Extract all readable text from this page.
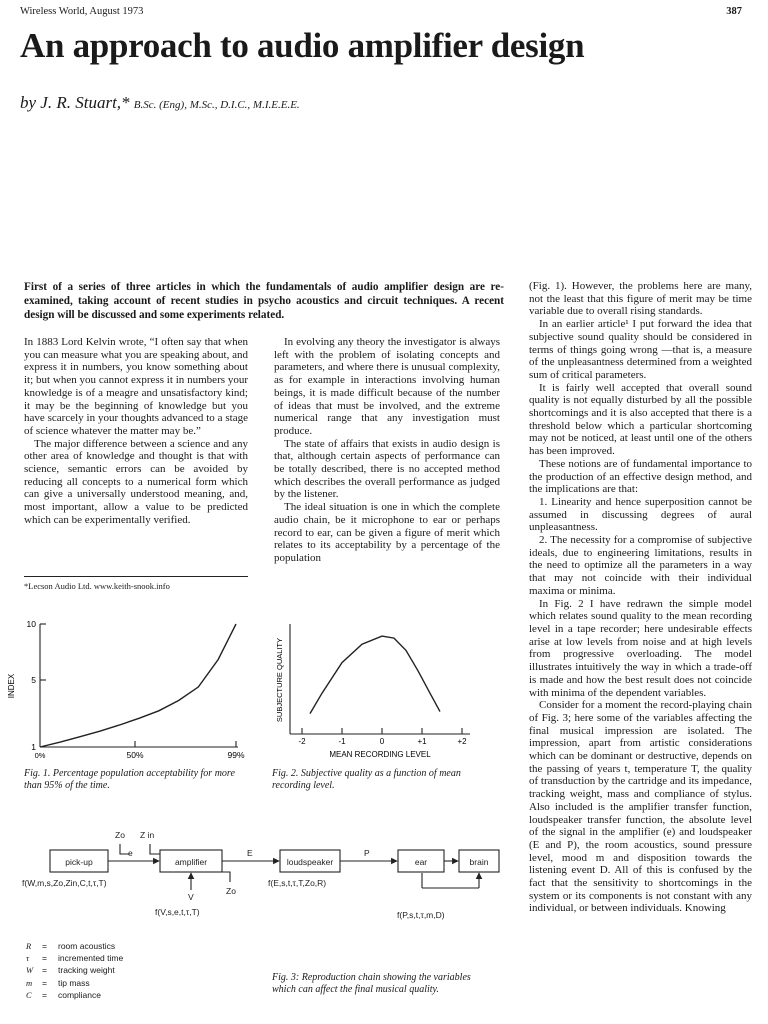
Wireless World, August 1973	387
An approach to audio amplifier design
by J. R. Stuart,* B.Sc. (Eng), M.Sc., D.I.C., M.I.E.E.E.
First of a series of three articles in which the fundamentals of audio amplifier design are re-examined, taking account of recent studies in psycho acoustics and circuit techniques. A recent design will be discussed and some experiments related.

In 1883 Lord Kelvin wrote, “I often say that when you can measure what you are speaking about, and express it in numbers, you know something about it; but when you cannot express it in numbers your knowledge is of a meagre and unsatisfactory kind; it may be the beginning of knowledge but you have scarcely in your thoughts advanced to a stage of science whatever the matter may be.”

The major difference between a science and any other area of knowledge and thought is that with science, semantic errors can be avoided by reducing all concepts to a numerical form which can give a universally understood meaning, and, most important, allow a value to be predicted which can be experimentally verified.

*Lecson Audio Ltd. www.keith-snook.info

In evolving any theory the investigator is always left with the problem of isolating concepts and parameters, and where there is unusual complexity, as for example in interactions involving human beings, it is made difficult because of the number of ideas that must be involved, and the extreme numerical range that any investigation must produce.

The state of affairs that exists in audio design is that, although certain aspects of performance can be totally described, there is no accepted method which describes the overall performance as judged by the listener.

The ideal situation is one in which the complete audio chain, be it microphone to ear or perhaps record to ear, can be given a figure of merit which relates to its acceptability by a percentage of the population

(Fig. 1). However, the problems here are many, not the least that this figure of merit may be time variable due to overall rising standards.

In an earlier article¹ I put forward the idea that subjective sound quality should be considered in terms of things going wrong —that is, a measure of the unpleasantness determined from a weighted sum of critical parameters.

It is fairly well accepted that overall sound quality is not equally disturbed by all the possible shortcomings and it is also accepted that there is a threshold below which a particular shortcoming may not be noticed, at least until one of the others has been improved.

These notions are of fundamental importance to the production of an effective design method, and the implications are that:

1. Linearity and hence superposition cannot be assumed in discussing degrees of aural unpleasantness.

2. The necessity for a compromise of subjective ideals, due to engineering limitations, results in the need to optimize all the parameters in a way that may not coincide with their individual maxima or minima.

In Fig. 2 I have redrawn the simple model which relates sound quality to the mean recording level in a tape recorder; here undesirable effects arise at low levels from noise and at high levels from progressive overloading. The model illustrates intuitively the way in which a trade-off is made and how the best result does not coincide with minima of the dependent variables.

Consider for a moment the record-playing chain of Fig. 3; here some of the variables affecting the final musical impression are isolated. The impression, apart from artistic considerations which can be dominant or destructive, depends on the passing of years t, temperature T, the quality of transduction by the cartridge and its impedance, tracking weight, mass and compliance of stylus. Also included is the amplifier transfer function, loudspeaker transfer function, the absolute level of the signal in the amplifier (e) and loudspeaker (E and P), the room acoustics, sound pressure level, mood m and disposition towards the listening event D. All of this is confused by the fact that the sensitivity to shortcomings in the system or its components is not constant with any individual, or between individuals. Knowing

INDEX
10
5
1
0%	50%	99%
Fig. 1. Percentage population acceptability for more than 95% of the time.
SUBJECTURE QUALITY
-2	-1	0	+1	+2
MEAN RECORDING LEVEL
Fig. 2. Subjective quality as a function of mean recording level.
pick-up	amplifier	loudspeaker	ear	brain
Zo Z in
e	E	P
V
Zo
f(W,m,s,Zo,Zin,C,t,τ,T)
f(V,s,e,t,τ,T)
f(E,s,t,τ,T,Zo,R)
f(P,s,t,τ,m,D)
R	=	room acoustics
τ	=	incremented time
W	=	tracking weight
m	=	tip mass
C	=	compliance
Fig. 3: Reproduction chain showing the variables which can affect the final musical quality.
